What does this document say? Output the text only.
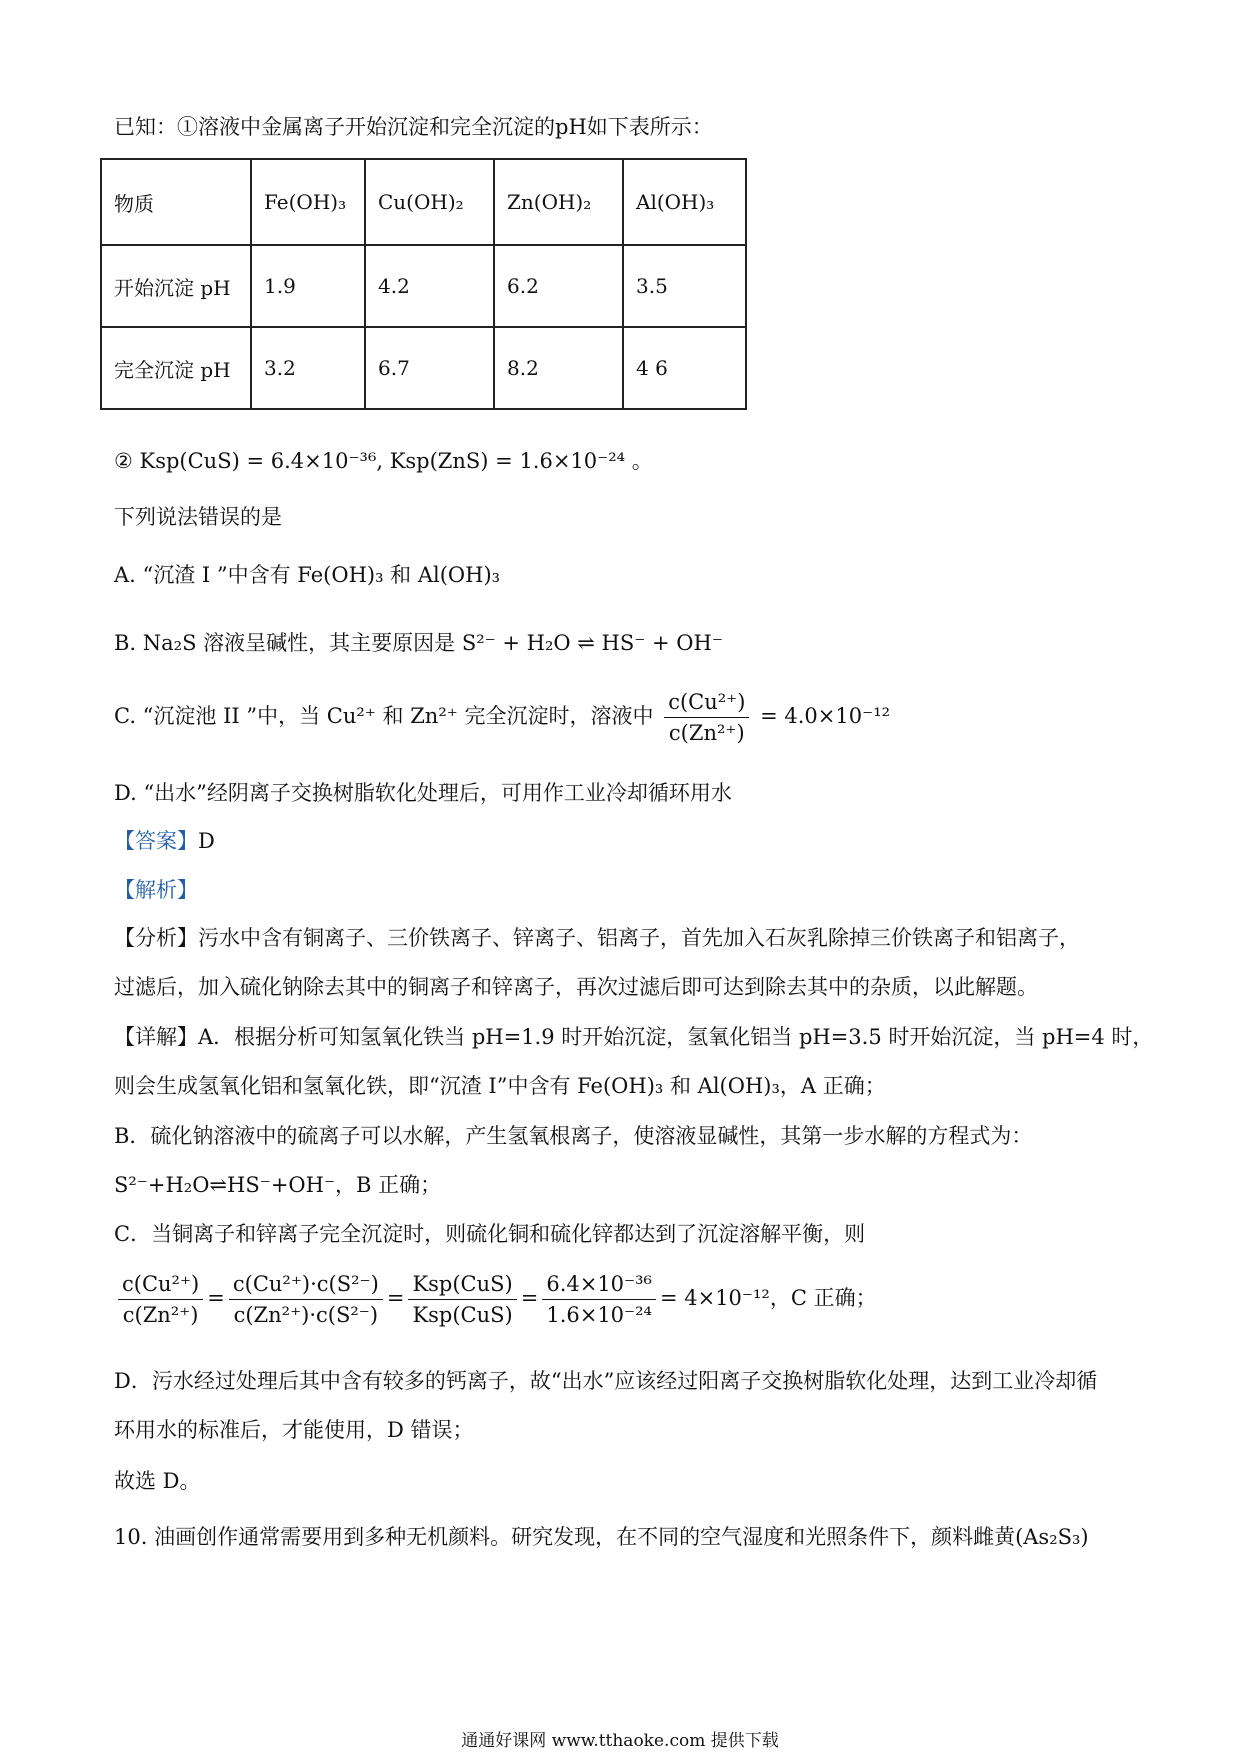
已知：①溶液中金属离子开始沉淀和完全沉淀的pH如下表所示：
物质	Fe(OH)₃	Cu(OH)₂	Zn(OH)₂	Al(OH)₃
开始沉淀 pH	1.9	4.2	6.2	3.5
完全沉淀 pH	3.2	6.7	8.2	4 6
② Ksp(CuS) = 6.4×10⁻³⁶, Ksp(ZnS) = 1.6×10⁻²⁴ 。
下列说法错误的是
A. “沉渣 I ”中含有 Fe(OH)₃ 和 Al(OH)₃
B. Na₂S 溶液呈碱性，其主要原因是 S²⁻ + H₂O ⇌ HS⁻ + OH⁻
C. “沉淀池 II ”中，当 Cu²⁺ 和 Zn²⁺ 完全沉淀时，溶液中 $\frac{\text{c(Cu²⁺)}}{\text{c(Zn²⁺)}} = 4.0\times 10^{-12}$
D. “出水”经阴离子交换树脂软化处理后，可用作工业冷却循环用水
【答案】D
【解析】
【分析】污水中含有铜离子、三价铁离子、锌离子、铝离子，首先加入石灰乳除掉三价铁离子和铝离子，
过滤后，加入硫化钠除去其中的铜离子和锌离子，再次过滤后即可达到除去其中的杂质，以此解题。
【详解】A．根据分析可知氢氧化铁当 pH=1.9 时开始沉淀，氢氧化铝当 pH=3.5 时开始沉淀，当 pH=4 时，
则会生成氢氧化铝和氢氧化铁，即“沉渣 I”中含有 Fe(OH)₃ 和 Al(OH)₃，A 正确；
B．硫化钠溶液中的硫离子可以水解，产生氢氧根离子，使溶液显碱性，其第一步水解的方程式为：
S²⁻+H₂O⇌HS⁻+OH⁻，B 正确；
C．当铜离子和锌离子完全沉淀时，则硫化铜和硫化锌都达到了沉淀溶解平衡，则
$\frac{\text{c(Cu²⁺)}}{\text{c(Zn²⁺)}} = \frac{\text{c(Cu²⁺)·c(S²⁻)}}{\text{c(Zn²⁺)·c(S²⁻)}} = \frac{\text{Ksp(CuS)}}{\text{Ksp(CuS)}} = \frac{\text{6.4×10⁻³⁶}}{\text{1.6×10⁻²⁴}} = 4\times 10^{-12}$，C 正确；
D．污水经过处理后其中含有较多的钙离子，故“出水”应该经过阳离子交换树脂软化处理，达到工业冷却循
环用水的标准后，才能使用，D 错误；
故选 D。
10. 油画创作通常需要用到多种无机颜料。研究发现，在不同的空气湿度和光照条件下，颜料雌黄(As₂S₃)
通通好课网 www.tthaoke.com 提供下载
